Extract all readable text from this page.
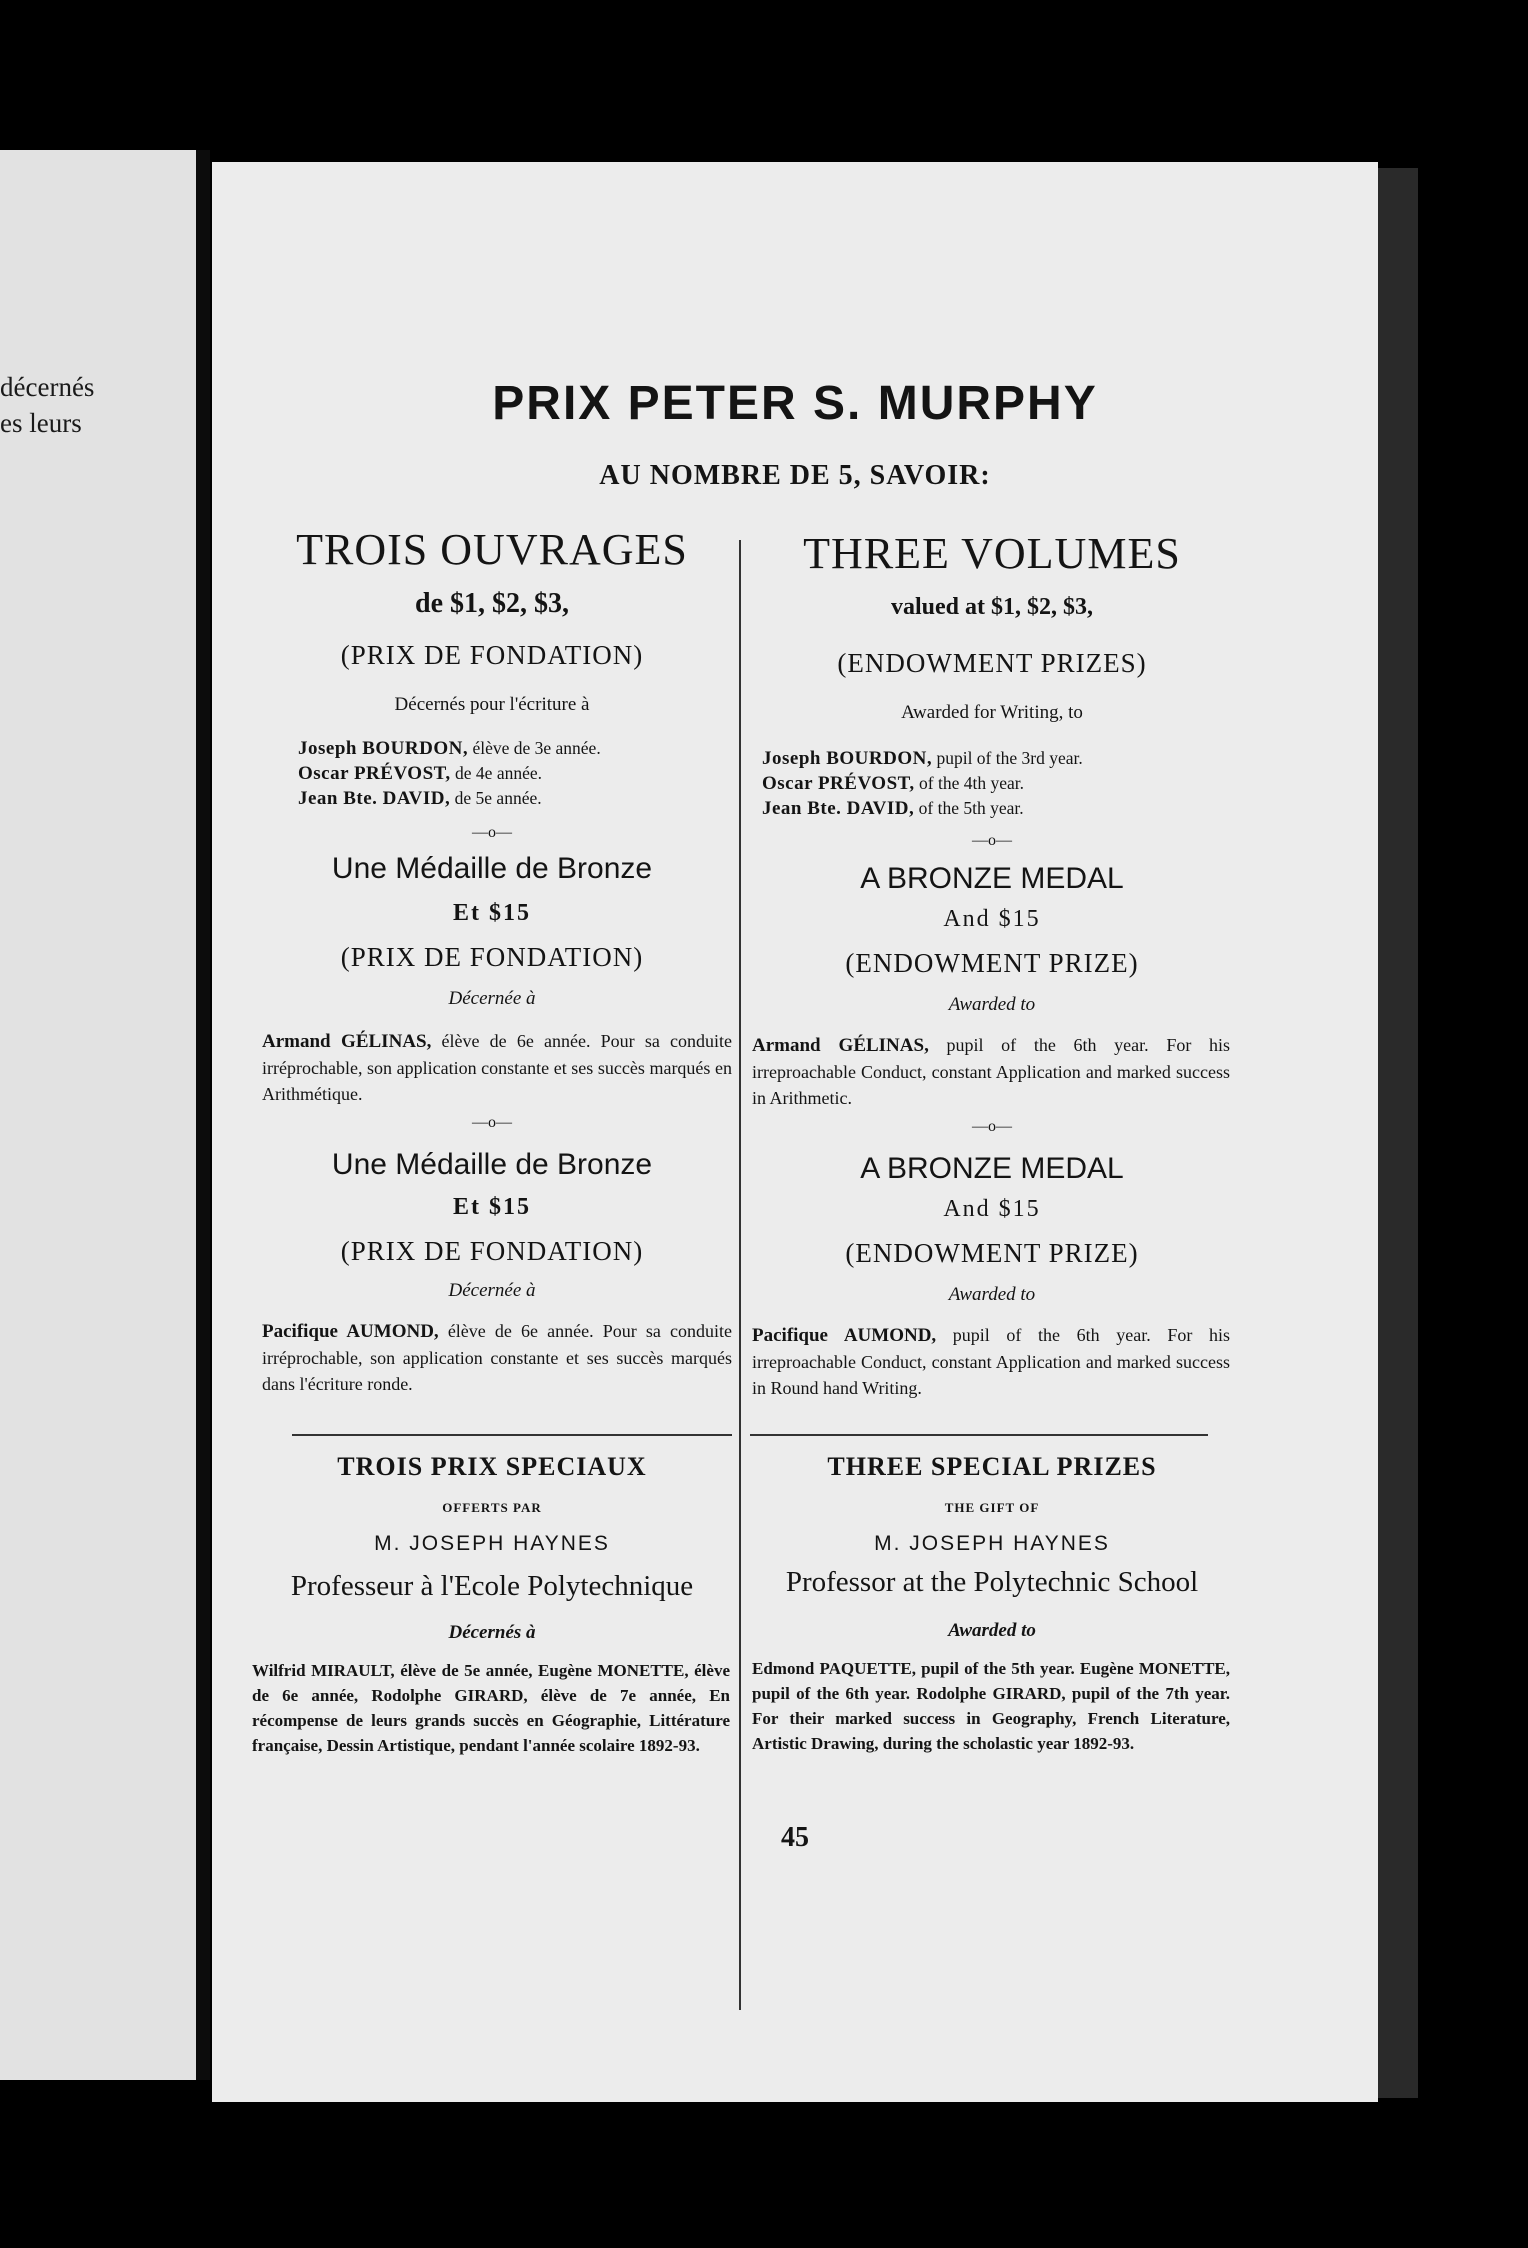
décernés
es leurs	PRIX PETER S. MURPHY
AU NOMBRE DE 5, SAVOIR:
TROIS OUVRAGES
de $1, $2, $3,
(PRIX DE FONDATION)
Décernés pour l'écriture à
Joseph BOURDON, élève de 3e année.
Oscar PRÉVOST, de 4e année.
Jean Bte. DAVID, de 5e année.
—o—
Une Médaille de Bronze
Et $15
(PRIX DE FONDATION)
Décernée à
Armand GÉLINAS, élève de 6e année. Pour sa conduite irréprochable, son application constante et ses succès marqués en Arithmétique.
—o—
Une Médaille de Bronze
Et $15
(PRIX DE FONDATION)
Décernée à
Pacifique AUMOND, élève de 6e année. Pour sa conduite irréprochable, son application constante et ses succès marqués dans l'écriture ronde.
TROIS PRIX SPECIAUX
OFFERTS PAR
M. JOSEPH HAYNES
Professeur à l'Ecole Polytechnique
Décernés à
Wilfrid MIRAULT, élève de 5e année, Eugène MONETTE, élève de 6e année, Rodolphe GIRARD, élève de 7e année, En récompense de leurs grands succès en Géographie, Littérature française, Dessin Artistique, pendant l'année scolaire 1892-93.
THREE VOLUMES
valued at $1, $2, $3,
(ENDOWMENT PRIZES)
Awarded for Writing, to
Joseph BOURDON, pupil of the 3rd year.
Oscar PRÉVOST, of the 4th year.
Jean Bte. DAVID, of the 5th year.
—o—
A BRONZE MEDAL
And $15
(ENDOWMENT PRIZE)
Awarded to
Armand GÉLINAS, pupil of the 6th year. For his irreproachable Conduct, constant Application and marked success in Arithmetic.
—o—
A BRONZE MEDAL
And $15
(ENDOWMENT PRIZE)
Awarded to
Pacifique AUMOND, pupil of the 6th year. For his irreproachable Conduct, constant Application and marked success in Round hand Writing.
THREE SPECIAL PRIZES
THE GIFT OF
M. JOSEPH HAYNES
Professor at the Polytechnic School
Awarded to
Edmond PAQUETTE, pupil of the 5th year. Eugène MONETTE, pupil of the 6th year. Rodolphe GIRARD, pupil of the 7th year. For their marked success in Geography, French Literature, Artistic Drawing, during the scholastic year 1892-93.
45
